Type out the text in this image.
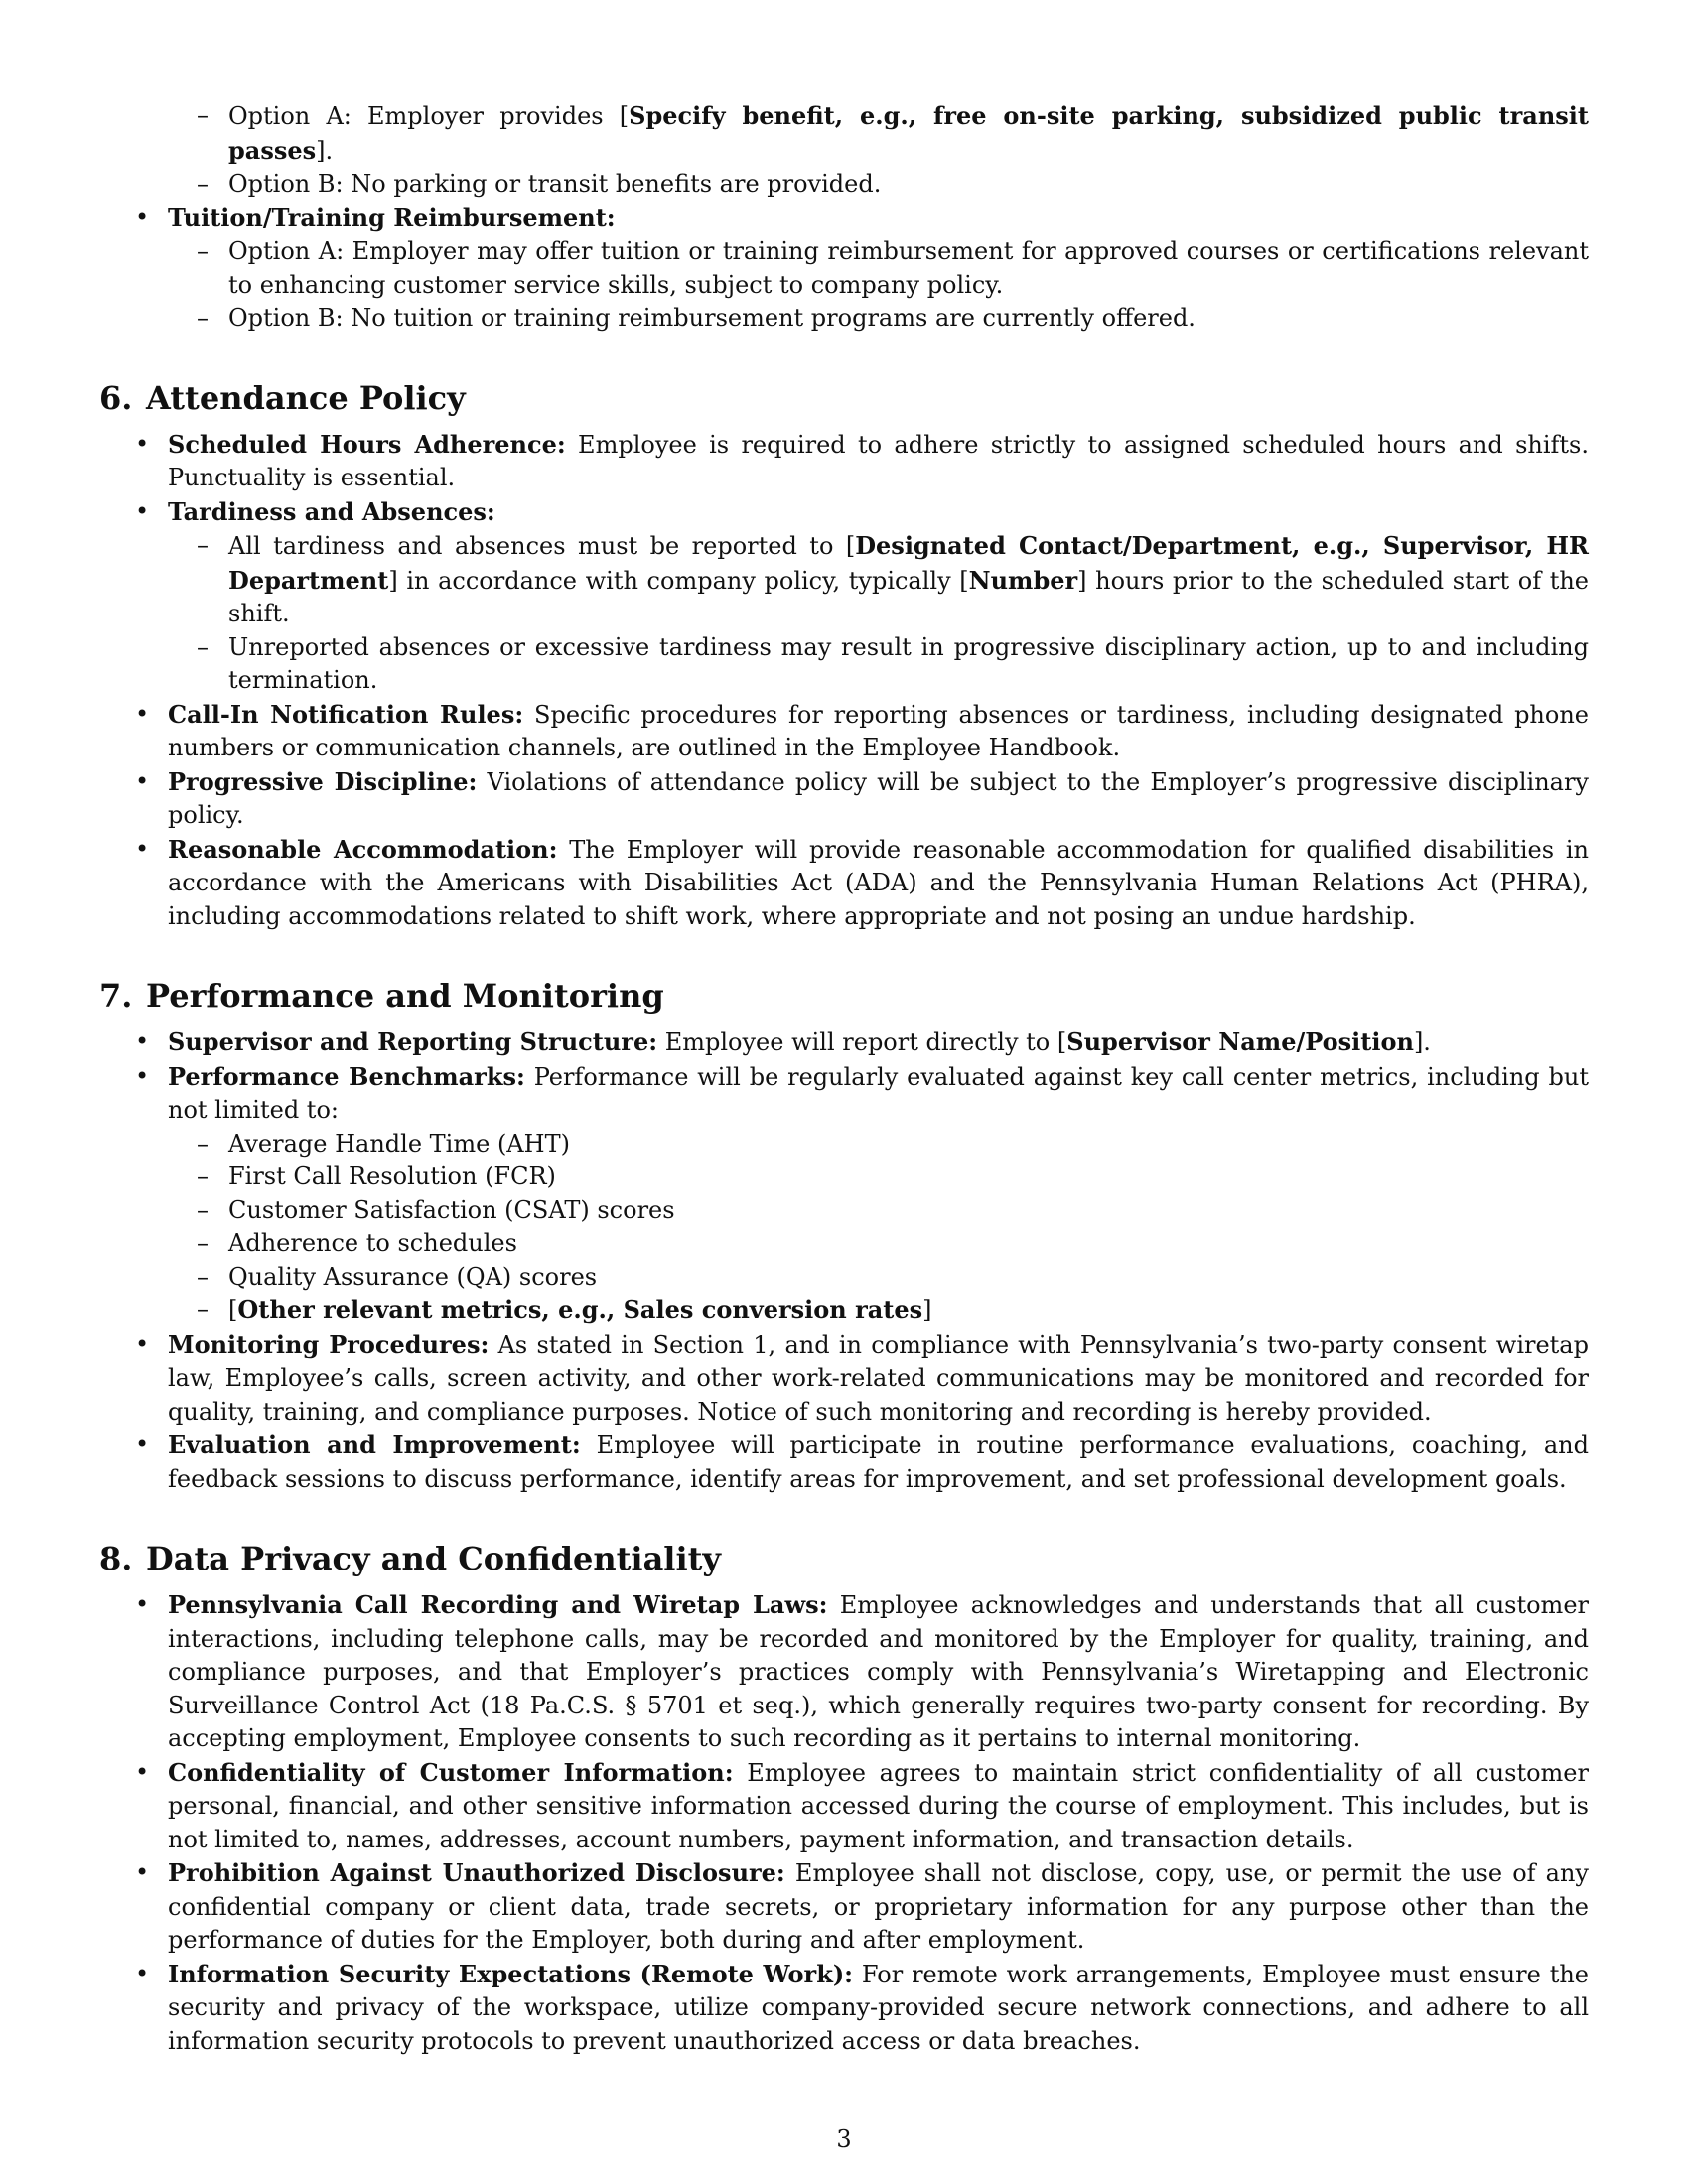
– Option A: Employer provides [Specify benefit, e.g., free on-site parking, subsidized public transit passes].
– Option B: No parking or transit benefits are provided.
• Tuition/Training Reimbursement:
– Option A: Employer may offer tuition or training reimbursement for approved courses or certifications relevant to enhancing customer service skills, subject to company policy.
– Option B: No tuition or training reimbursement programs are currently offered.
6. Attendance Policy
• Scheduled Hours Adherence: Employee is required to adhere strictly to assigned scheduled hours and shifts. Punctuality is essential.
• Tardiness and Absences:
– All tardiness and absences must be reported to [Designated Contact/Department, e.g., Supervisor, HR Department] in accordance with company policy, typically [Number] hours prior to the scheduled start of the shift.
– Unreported absences or excessive tardiness may result in progressive disciplinary action, up to and including termination.
• Call-In Notification Rules: Specific procedures for reporting absences or tardiness, including designated phone numbers or communication channels, are outlined in the Employee Handbook.
• Progressive Discipline: Violations of attendance policy will be subject to the Employer’s progressive disciplinary policy.
• Reasonable Accommodation: The Employer will provide reasonable accommodation for qualified disabilities in accordance with the Americans with Disabilities Act (ADA) and the Pennsylvania Human Relations Act (PHRA), including accommodations related to shift work, where appropriate and not posing an undue hardship.
7. Performance and Monitoring
• Supervisor and Reporting Structure: Employee will report directly to [Supervisor Name/Position].
• Performance Benchmarks: Performance will be regularly evaluated against key call center metrics, including but not limited to:
– Average Handle Time (AHT)
– First Call Resolution (FCR)
– Customer Satisfaction (CSAT) scores
– Adherence to schedules
– Quality Assurance (QA) scores
– [Other relevant metrics, e.g., Sales conversion rates]
• Monitoring Procedures: As stated in Section 1, and in compliance with Pennsylvania’s two-party consent wiretap law, Employee’s calls, screen activity, and other work-related communications may be monitored and recorded for quality, training, and compliance purposes. Notice of such monitoring and recording is hereby provided.
• Evaluation and Improvement: Employee will participate in routine performance evaluations, coaching, and feedback sessions to discuss performance, identify areas for improvement, and set professional development goals.
8. Data Privacy and Confidentiality
• Pennsylvania Call Recording and Wiretap Laws: Employee acknowledges and understands that all customer interactions, including telephone calls, may be recorded and monitored by the Employer for quality, training, and compliance purposes, and that Employer’s practices comply with Pennsylvania’s Wiretapping and Electronic Surveillance Control Act (18 Pa.C.S. § 5701 et seq.), which generally requires two-party consent for recording. By accepting employment, Employee consents to such recording as it pertains to internal monitoring.
• Confidentiality of Customer Information: Employee agrees to maintain strict confidentiality of all customer personal, financial, and other sensitive information accessed during the course of employment. This includes, but is not limited to, names, addresses, account numbers, payment information, and transaction details.
• Prohibition Against Unauthorized Disclosure: Employee shall not disclose, copy, use, or permit the use of any confidential company or client data, trade secrets, or proprietary information for any purpose other than the performance of duties for the Employer, both during and after employment.
• Information Security Expectations (Remote Work): For remote work arrangements, Employee must ensure the security and privacy of the workspace, utilize company-provided secure network connections, and adhere to all information security protocols to prevent unauthorized access or data breaches.
3
